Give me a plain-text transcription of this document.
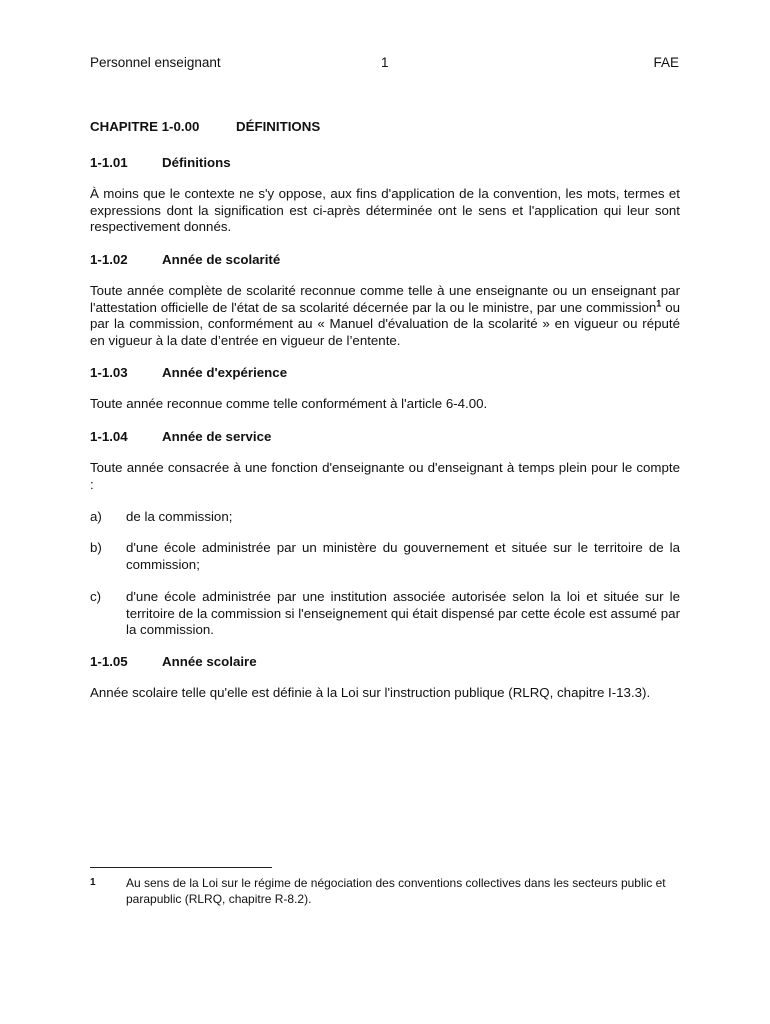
Personnel enseignant	1	FAE
CHAPITRE 1-0.00	DÉFINITIONS
1-1.01	Définitions
À moins que le contexte ne s'y oppose, aux fins d'application de la convention, les mots, termes et expressions dont la signification est ci-après déterminée ont le sens et l'application qui leur sont respectivement donnés.
1-1.02	Année de scolarité
Toute année complète de scolarité reconnue comme telle à une enseignante ou un enseignant par l'attestation officielle de l'état de sa scolarité décernée par la ou le ministre, par une commission$^1$ ou par la commission, conformément au « Manuel d'évaluation de la scolarité » en vigueur ou réputé en vigueur à la date d’entrée en vigueur de l’entente.
1-1.03	Année d'expérience
Toute année reconnue comme telle conformément à l'article 6-4.00.
1-1.04	Année de service
Toute année consacrée à une fonction d'enseignante ou d'enseignant à temps plein pour le compte :
a) de la commission;
b) d'une école administrée par un ministère du gouvernement et située sur le territoire de la commission;
c) d'une école administrée par une institution associée autorisée selon la loi et située sur le territoire de la commission si l'enseignement qui était dispensé par cette école est assumé par la commission.
1-1.05	Année scolaire
Année scolaire telle qu'elle est définie à la Loi sur l'instruction publique (RLRQ, chapitre I-13.3).
1	Au sens de la Loi sur le régime de négociation des conventions collectives dans les secteurs public et parapublic (RLRQ, chapitre R-8.2).
